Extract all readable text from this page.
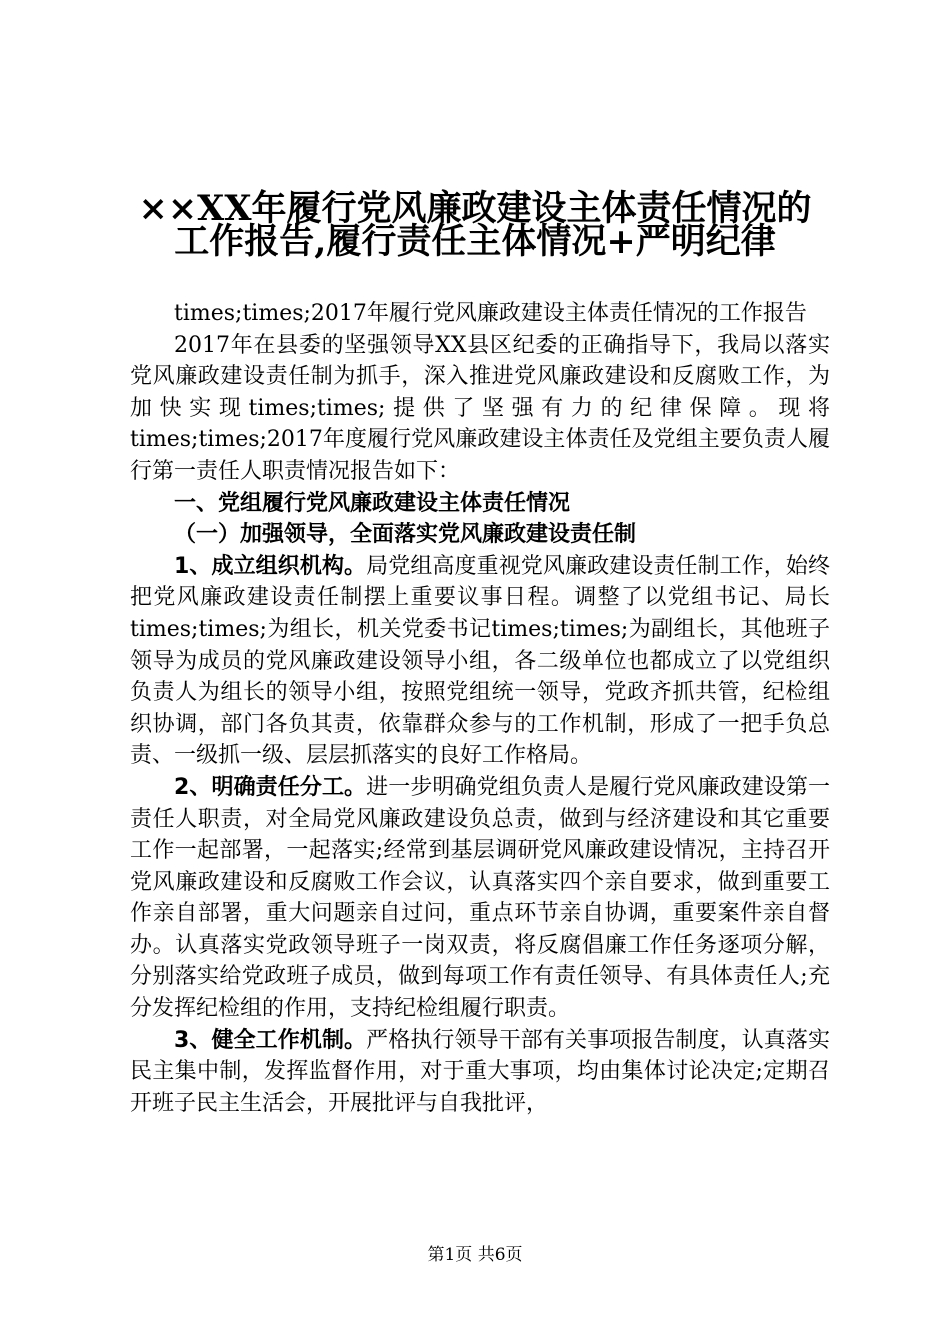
××XX年履行党风廉政建设主体责任情况的
工作报告,履行责任主体情况+严明纪律

times;times;2017年履行党风廉政建设主体责任情况的工作报告

2017年在县委的坚强领导XX县区纪委的正确指导下，我局以落实党风廉政建设责任制为抓手，深入推进党风廉政建设和反腐败工作，为加快实现times;times;提供了坚强有力的纪律保障。现将times;times;2017年度履行党风廉政建设主体责任及党组主要负责人履行第一责任人职责情况报告如下：

一、党组履行党风廉政建设主体责任情况

（一）加强领导，全面落实党风廉政建设责任制

1、成立组织机构。局党组高度重视党风廉政建设责任制工作，始终把党风廉政建设责任制摆上重要议事日程。调整了以党组书记、局长times;times;为组长，机关党委书记times;times;为副组长，其他班子领导为成员的党风廉政建设领导小组，各二级单位也都成立了以党组织负责人为组长的领导小组，按照党组统一领导，党政齐抓共管，纪检组织协调，部门各负其责，依靠群众参与的工作机制，形成了一把手负总责、一级抓一级、层层抓落实的良好工作格局。

2、明确责任分工。进一步明确党组负责人是履行党风廉政建设第一责任人职责，对全局党风廉政建设负总责，做到与经济建设和其它重要工作一起部署，一起落实;经常到基层调研党风廉政建设情况，主持召开党风廉政建设和反腐败工作会议，认真落实四个亲自要求，做到重要工作亲自部署，重大问题亲自过问，重点环节亲自协调，重要案件亲自督办。认真落实党政领导班子一岗双责，将反腐倡廉工作任务逐项分解，分别落实给党政班子成员，做到每项工作有责任领导、有具体责任人;充分发挥纪检组的作用，支持纪检组履行职责。

3、健全工作机制。严格执行领导干部有关事项报告制度，认真落实民主集中制，发挥监督作用，对于重大事项，均由集体讨论决定;定期召开班子民主生活会，开展批评与自我批评，

第1页 共6页
